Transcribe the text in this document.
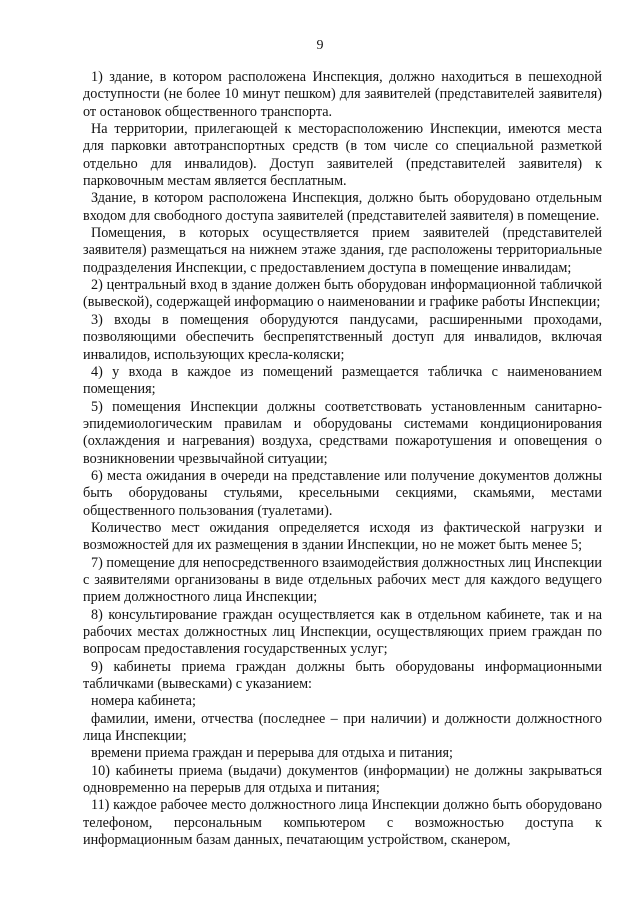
9

1) здание, в котором расположена Инспекция, должно находиться в пешеходной доступности (не более 10 минут пешком) для заявителей (представителей заявителя) от остановок общественного транспорта.

На территории, прилегающей к месторасположению Инспекции, имеются места для парковки автотранспортных средств (в том числе со специальной разметкой отдельно для инвалидов). Доступ заявителей (представителей заявителя) к парковочным местам является бесплатным.

Здание, в котором расположена Инспекция, должно быть оборудовано отдельным входом для свободного доступа заявителей (представителей заявителя) в помещение.

Помещения, в которых осуществляется прием заявителей (представителей заявителя) размещаться на нижнем этаже здания, где расположены территориальные подразделения Инспекции, с предоставлением доступа в помещение инвалидам;

2) центральный вход в здание должен быть оборудован информационной табличкой (вывеской), содержащей информацию о наименовании и графике работы Инспекции;

3) входы в помещения оборудуются пандусами, расширенными проходами, позволяющими обеспечить беспрепятственный доступ для инвалидов, включая инвалидов, использующих кресла-коляски;

4) у входа в каждое из помещений размещается табличка с наименованием помещения;

5) помещения Инспекции должны соответствовать установленным санитарно-эпидемиологическим правилам и оборудованы системами кондиционирования (охлаждения и нагревания) воздуха, средствами пожаротушения и оповещения о возникновении чрезвычайной ситуации;

6) места ожидания в очереди на представление или получение документов должны быть оборудованы стульями, кресельными секциями, скамьями, местами общественного пользования (туалетами).

Количество мест ожидания определяется исходя из фактической нагрузки и возможностей для их размещения в здании Инспекции, но не может быть менее 5;

7) помещение для непосредственного взаимодействия должностных лиц Инспекции с заявителями организованы в виде отдельных рабочих мест для каждого ведущего прием должностного лица Инспекции;

8) консультирование граждан осуществляется как в отдельном кабинете, так и на рабочих местах должностных лиц Инспекции, осуществляющих прием граждан по вопросам предоставления государственных услуг;

9) кабинеты приема граждан должны быть оборудованы информационными табличками (вывесками) с указанием:

номера кабинета;

фамилии, имени, отчества (последнее – при наличии) и должности должностного лица Инспекции;

времени приема граждан и перерыва для отдыха и питания;

10) кабинеты приема (выдачи) документов (информации) не должны закрываться одновременно на перерыв для отдыха и питания;

11) каждое рабочее место должностного лица Инспекции должно быть оборудовано телефоном, персональным компьютером с возможностью доступа к информационным базам данных, печатающим устройством, сканером,
